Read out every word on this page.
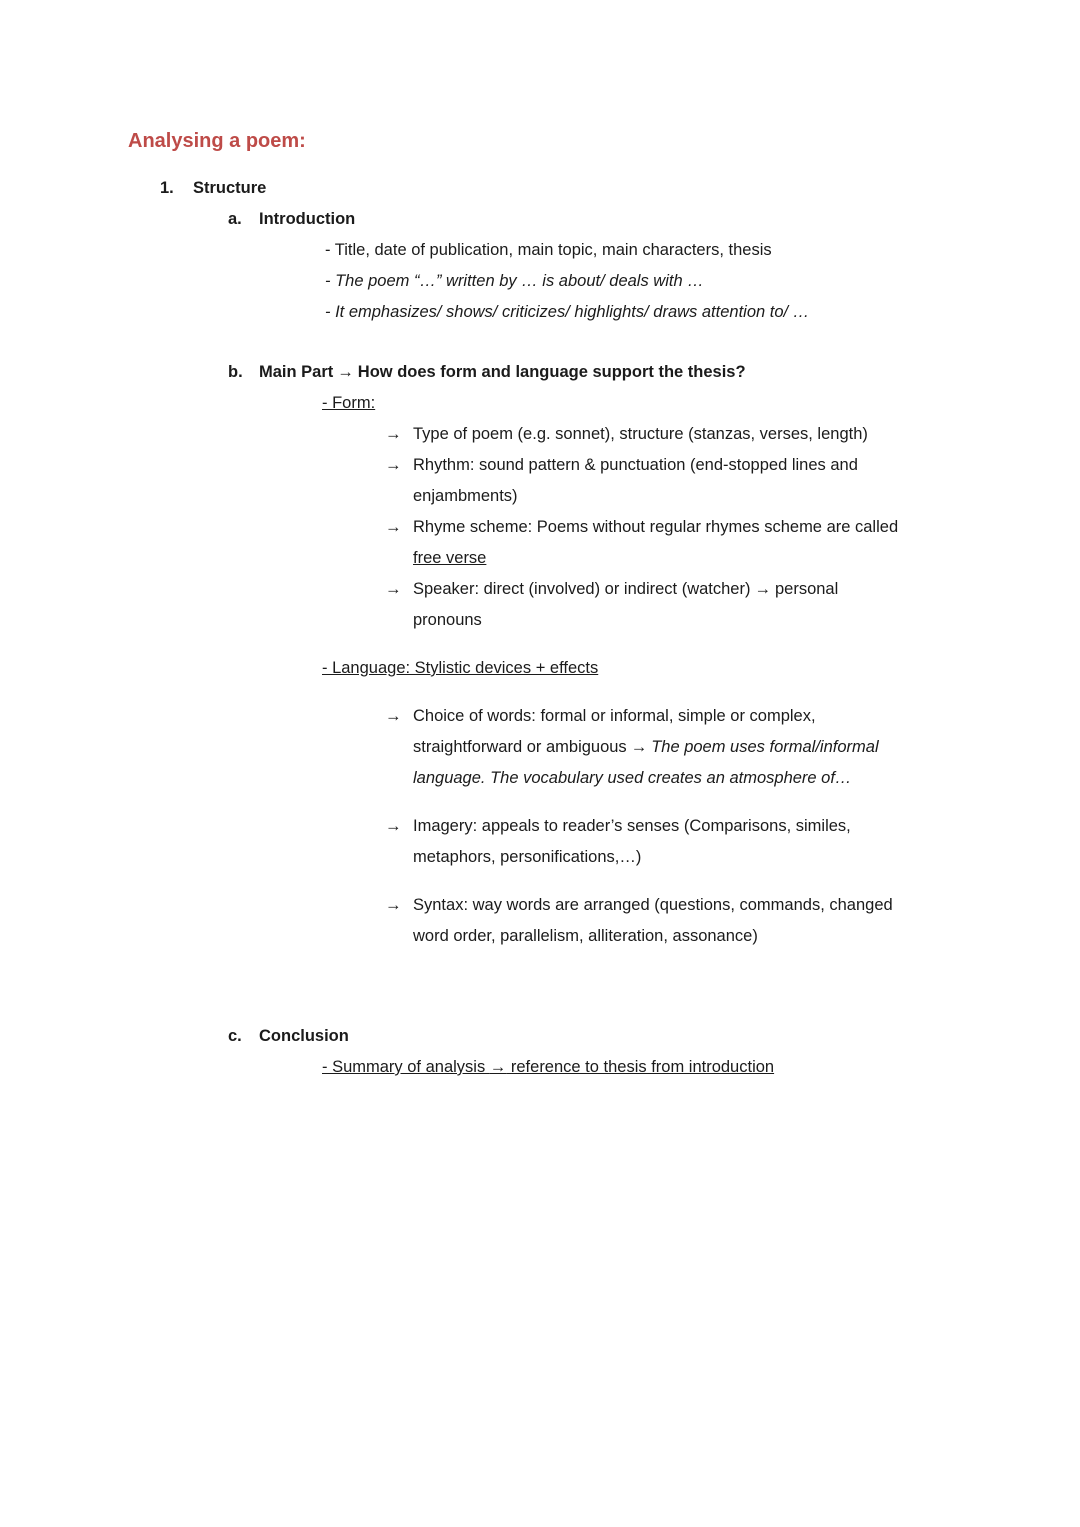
Analysing a poem:
1. Structure
a. Introduction
- Title, date of publication, main topic, main characters, thesis
- The poem “…” written by … is about/ deals with …
- It emphasizes/ shows/ criticizes/ highlights/ draws attention to/ …
b. Main Part → How does form and language support the thesis?
- Form:
→ Type of poem (e.g. sonnet), structure (stanzas, verses, length)
→ Rhythm: sound pattern & punctuation (end-stopped lines and enjambments)
→ Rhyme scheme: Poems without regular rhymes scheme are called free verse
→ Speaker: direct (involved) or indirect (watcher) → personal pronouns
- Language: Stylistic devices + effects
→ Choice of words: formal or informal, simple or complex, straightforward or ambiguous → The poem uses formal/informal language. The vocabulary used creates an atmosphere of…
→ Imagery: appeals to reader’s senses (Comparisons, similes, metaphors, personifications,…)
→ Syntax: way words are arranged (questions, commands, changed word order, parallelism, alliteration, assonance)
c. Conclusion
- Summary of analysis → reference to thesis from introduction
